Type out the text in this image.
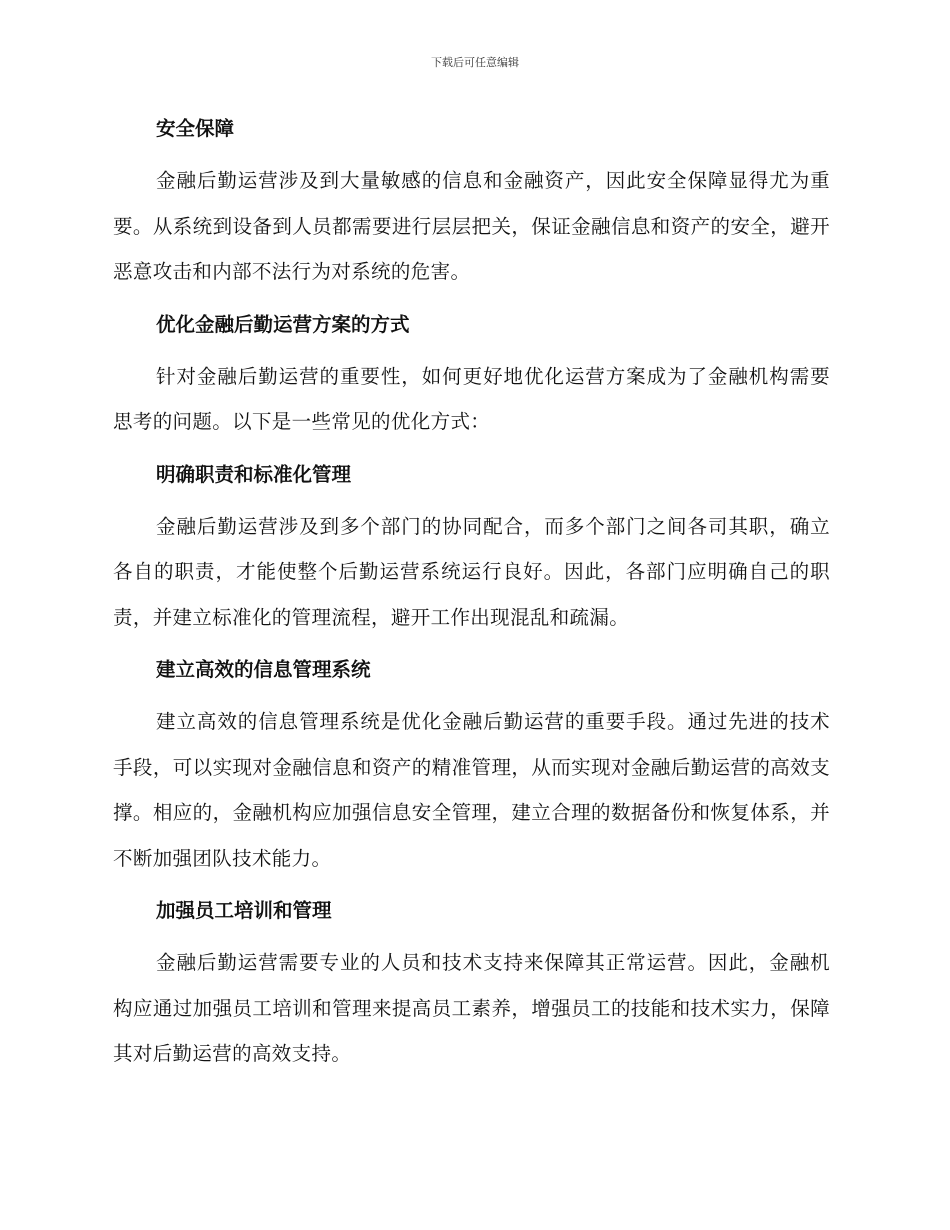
下载后可任意编辑
安全保障

金融后勤运营涉及到大量敏感的信息和金融资产，因此安全保障显得尤为重要。从系统到设备到人员都需要进行层层把关，保证金融信息和资产的安全，避开恶意攻击和内部不法行为对系统的危害。

优化金融后勤运营方案的方式

针对金融后勤运营的重要性，如何更好地优化运营方案成为了金融机构需要思考的问题。以下是一些常见的优化方式：

明确职责和标准化管理

金融后勤运营涉及到多个部门的协同配合，而多个部门之间各司其职，确立各自的职责，才能使整个后勤运营系统运行良好。因此，各部门应明确自己的职责，并建立标准化的管理流程，避开工作出现混乱和疏漏。

建立高效的信息管理系统

建立高效的信息管理系统是优化金融后勤运营的重要手段。通过先进的技术手段，可以实现对金融信息和资产的精准管理，从而实现对金融后勤运营的高效支撑。相应的，金融机构应加强信息安全管理，建立合理的数据备份和恢复体系，并不断加强团队技术能力。

加强员工培训和管理

金融后勤运营需要专业的人员和技术支持来保障其正常运营。因此，金融机构应通过加强员工培训和管理来提高员工素养，增强员工的技能和技术实力，保障其对后勤运营的高效支持。
